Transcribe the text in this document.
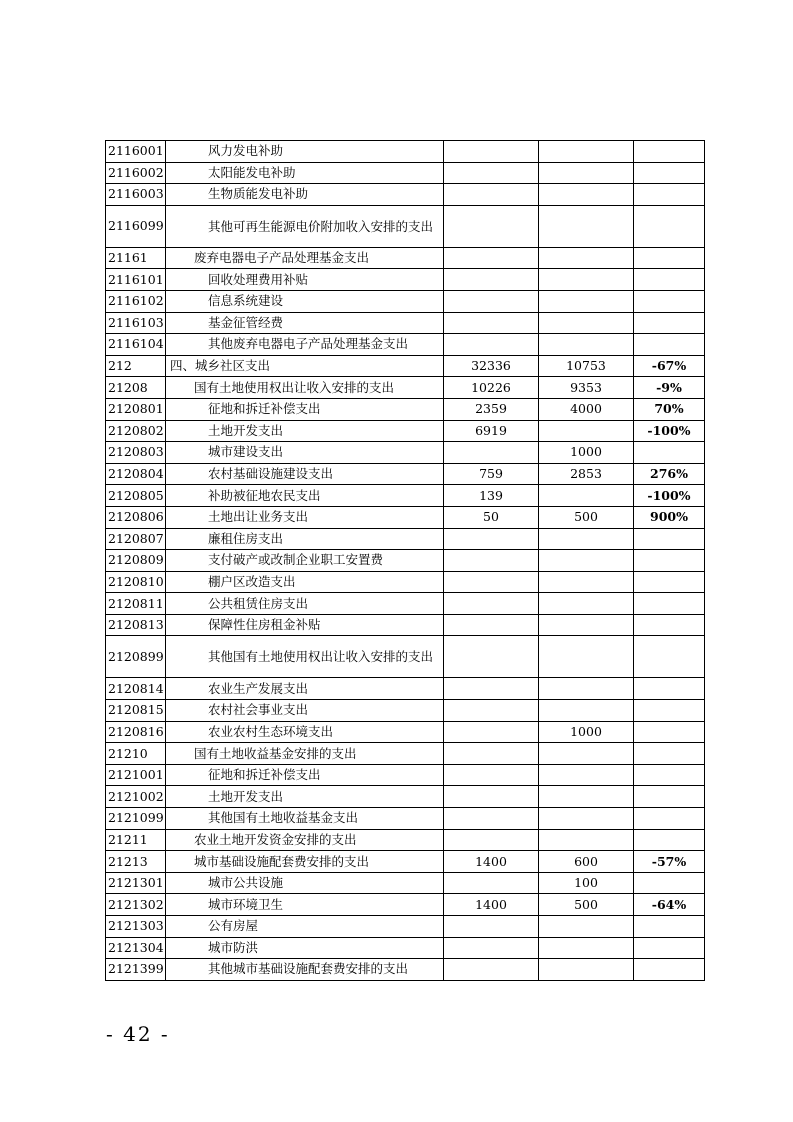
2116001	风力发电补助			
2116002	太阳能发电补助			
2116003	生物质能发电补助			
2116099	其他可再生能源电价附加收入安排的支出			

21161	废弃电器电子产品处理基金支出			
2116101	回收处理费用补贴			
2116102	信息系统建设			
2116103	基金征管经费			
2116104	其他废弃电器电子产品处理基金支出			
212	四、城乡社区支出	32336	10753	-67%
21208	国有土地使用权出让收入安排的支出	10226	9353	-9%
2120801	征地和拆迁补偿支出	2359	4000	70%
2120802	土地开发支出	6919		-100%
2120803	城市建设支出		1000	
2120804	农村基础设施建设支出	759	2853	276%
2120805	补助被征地农民支出	139		-100%
2120806	土地出让业务支出	50	500	900%
2120807	廉租住房支出			
2120809	支付破产或改制企业职工安置费			
2120810	棚户区改造支出			
2120811	公共租赁住房支出			
2120813	保障性住房租金补贴			
2120899	其他国有土地使用权出让收入安排的支出			

2120814	农业生产发展支出			
2120815	农村社会事业支出			
2120816	农业农村生态环境支出		1000	
21210	国有土地收益基金安排的支出			
2121001	征地和拆迁补偿支出			
2121002	土地开发支出			
2121099	其他国有土地收益基金支出			
21211	农业土地开发资金安排的支出			
21213	城市基础设施配套费安排的支出	1400	600	-57%
2121301	城市公共设施		100	
2121302	城市环境卫生	1400	500	-64%
2121303	公有房屋			
2121304	城市防洪			
2121399	其他城市基础设施配套费安排的支出			
- 42 -
